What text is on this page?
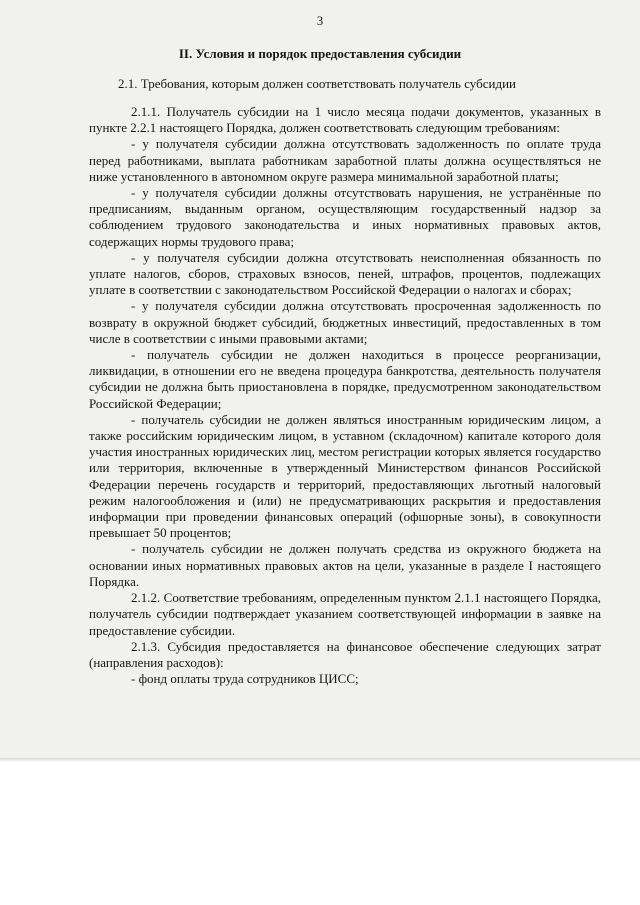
3
II. Условия и порядок предоставления субсидии
2.1. Требования, которым должен соответствовать получатель субсидии

2.1.1. Получатель субсидии на 1 число месяца подачи документов, указанных в пункте 2.2.1 настоящего Порядка, должен соответствовать следующим требованиям:

- у получателя субсидии должна отсутствовать задолженность по оплате труда перед работниками, выплата работникам заработной платы должна осуществляться не ниже установленного в автономном округе размера минимальной заработной платы;

- у получателя субсидии должны отсутствовать нарушения, не устранённые по предписаниям, выданным органом, осуществляющим государственный надзор за соблюдением трудового законодательства и иных нормативных правовых актов, содержащих нормы трудового права;

- у получателя субсидии должна отсутствовать неисполненная обязанность по уплате налогов, сборов, страховых взносов, пеней, штрафов, процентов, подлежащих уплате в соответствии с законодательством Российской Федерации о налогах и сборах;

- у получателя субсидии должна отсутствовать просроченная задолженность по возврату в окружной бюджет субсидий, бюджетных инвестиций, предоставленных в том числе в соответствии с иными правовыми актами;

- получатель субсидии не должен находиться в процессе реорганизации, ликвидации, в отношении его не введена процедура банкротства, деятельность получателя субсидии не должна быть приостановлена в порядке, предусмотренном законодательством Российской Федерации;

- получатель субсидии не должен являться иностранным юридическим лицом, а также российским юридическим лицом, в уставном (складочном) капитале которого доля участия иностранных юридических лиц, местом регистрации которых является государство или территория, включенные в утвержденный Министерством финансов Российской Федерации перечень государств и территорий, предоставляющих льготный налоговый режим налогообложения и (или) не предусматривающих раскрытия и предоставления информации при проведении финансовых операций (офшорные зоны), в совокупности превышает 50 процентов;

- получатель субсидии не должен получать средства из окружного бюджета на основании иных нормативных правовых актов на цели, указанные в разделе I настоящего Порядка.

2.1.2. Соответствие требованиям, определенным пунктом 2.1.1 настоящего Порядка, получатель субсидии подтверждает указанием соответствующей информации в заявке на предоставление субсидии.

2.1.3. Субсидия предоставляется на финансовое обеспечение следующих затрат (направления расходов):

- фонд оплаты труда сотрудников ЦИСС;
